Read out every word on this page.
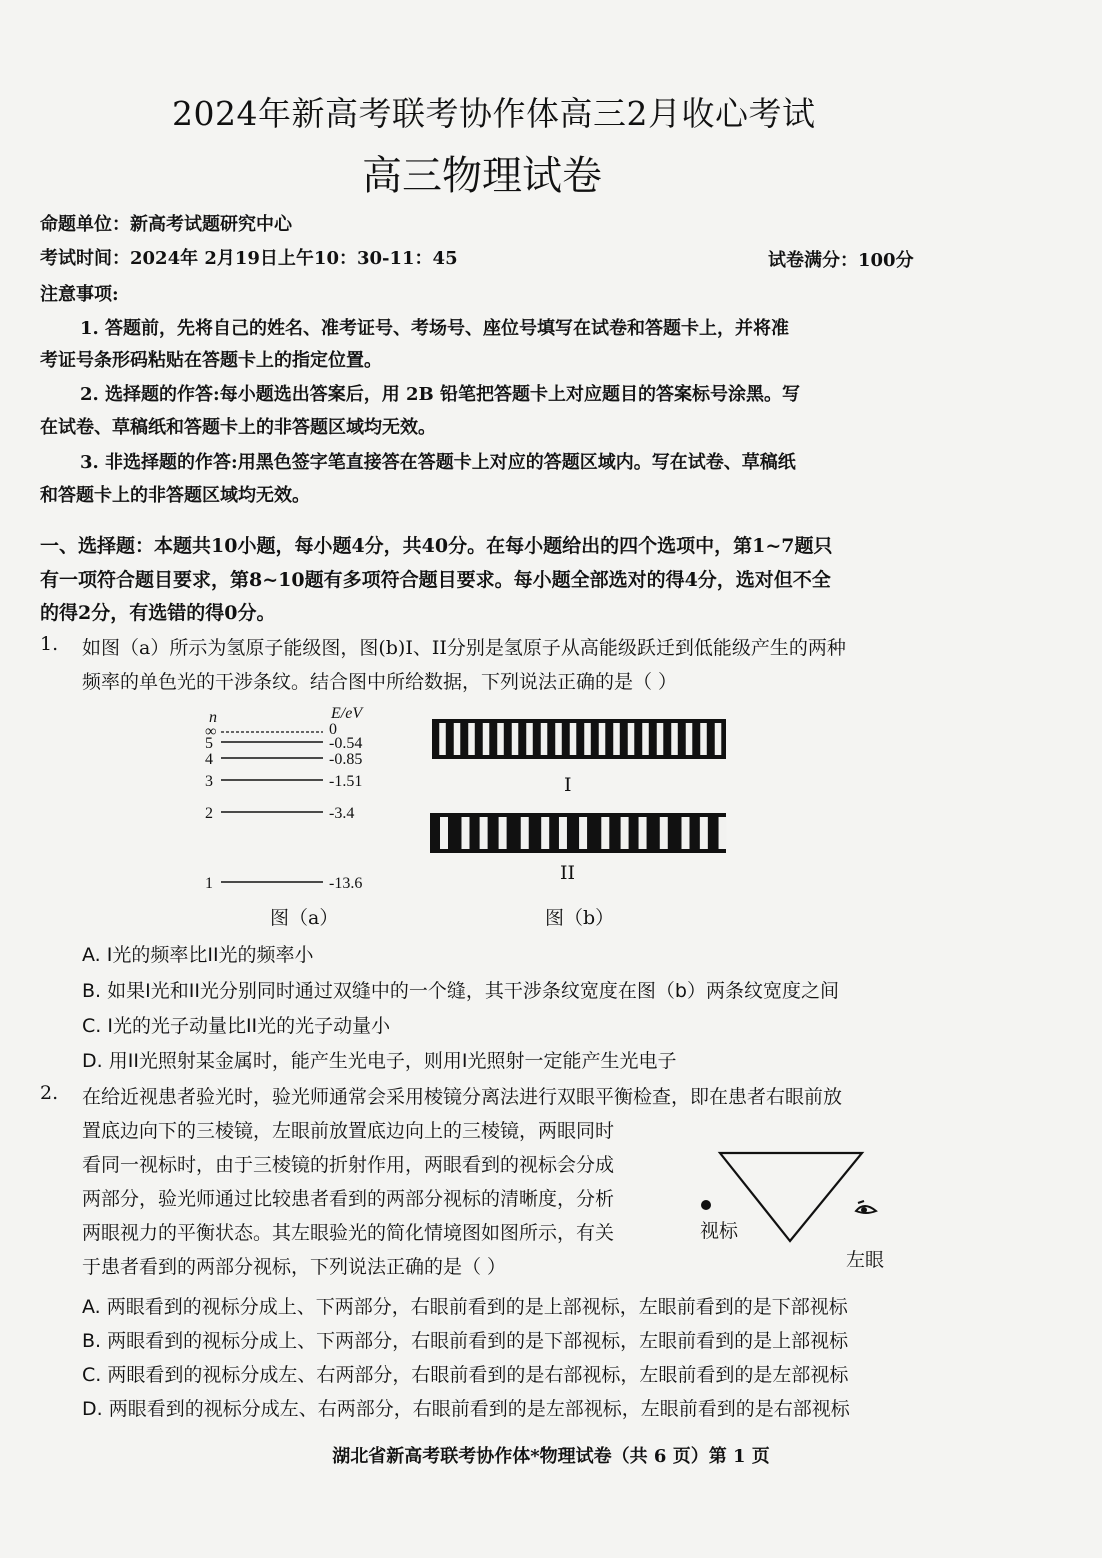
2024年新高考联考协作体高三2月收心考试
高三物理试卷
命题单位：新高考试题研究中心
考试时间：2024年 2月19日上午10：30-11：45	试卷满分：100分
注意事项:
1. 答题前，先将自己的姓名、准考证号、考场号、座位号填写在试卷和答题卡上，并将准
考证号条形码粘贴在答题卡上的指定位置。
2. 选择题的作答:每小题选出答案后，用 2B 铅笔把答题卡上对应题目的答案标号涂黑。写
在试卷、草稿纸和答题卡上的非答题区域均无效。
3. 非选择题的作答:用黑色签字笔直接答在答题卡上对应的答题区域内。写在试卷、草稿纸
和答题卡上的非答题区域均无效。
一、选择题：本题共10小题，每小题4分，共40分。在每小题给出的四个选项中，第1~7题只
有一项符合题目要求，第8~10题有多项符合题目要求。每小题全部选对的得4分，选对但不全
的得2分，有选错的得0分。
1. 如图（a）所示为氢原子能级图，图(b)I、II分别是氢原子从高能级跃迁到低能级产生的两种
频率的单色光的干涉条纹。结合图中所给数据，下列说法正确的是（ ）
n	E/eV
∞	0
5	-0.54
4	-0.85
3	-1.51
2	-3.4
1	-13.6
图（a）
I
II
图（b）
A. I光的频率比II光的频率小
B. 如果I光和II光分别同时通过双缝中的一个缝，其干涉条纹宽度在图（b）两条纹宽度之间
C. I光的光子动量比II光的光子动量小
D. 用II光照射某金属时，能产生光电子，则用I光照射一定能产生光电子
2. 在给近视患者验光时，验光师通常会采用棱镜分离法进行双眼平衡检查，即在患者右眼前放
置底边向下的三棱镜，左眼前放置底边向上的三棱镜，两眼同时
看同一视标时，由于三棱镜的折射作用，两眼看到的视标会分成
两部分，验光师通过比较患者看到的两部分视标的清晰度，分析
两眼视力的平衡状态。其左眼验光的简化情境图如图所示，有关
于患者看到的两部分视标，下列说法正确的是（ ）
视标
左眼
A. 两眼看到的视标分成上、下两部分，右眼前看到的是上部视标，左眼前看到的是下部视标
B. 两眼看到的视标分成上、下两部分，右眼前看到的是下部视标，左眼前看到的是上部视标
C. 两眼看到的视标分成左、右两部分，右眼前看到的是右部视标，左眼前看到的是左部视标
D. 两眼看到的视标分成左、右两部分，右眼前看到的是左部视标，左眼前看到的是右部视标
湖北省新高考联考协作体*物理试卷（共 6 页）第 1 页
